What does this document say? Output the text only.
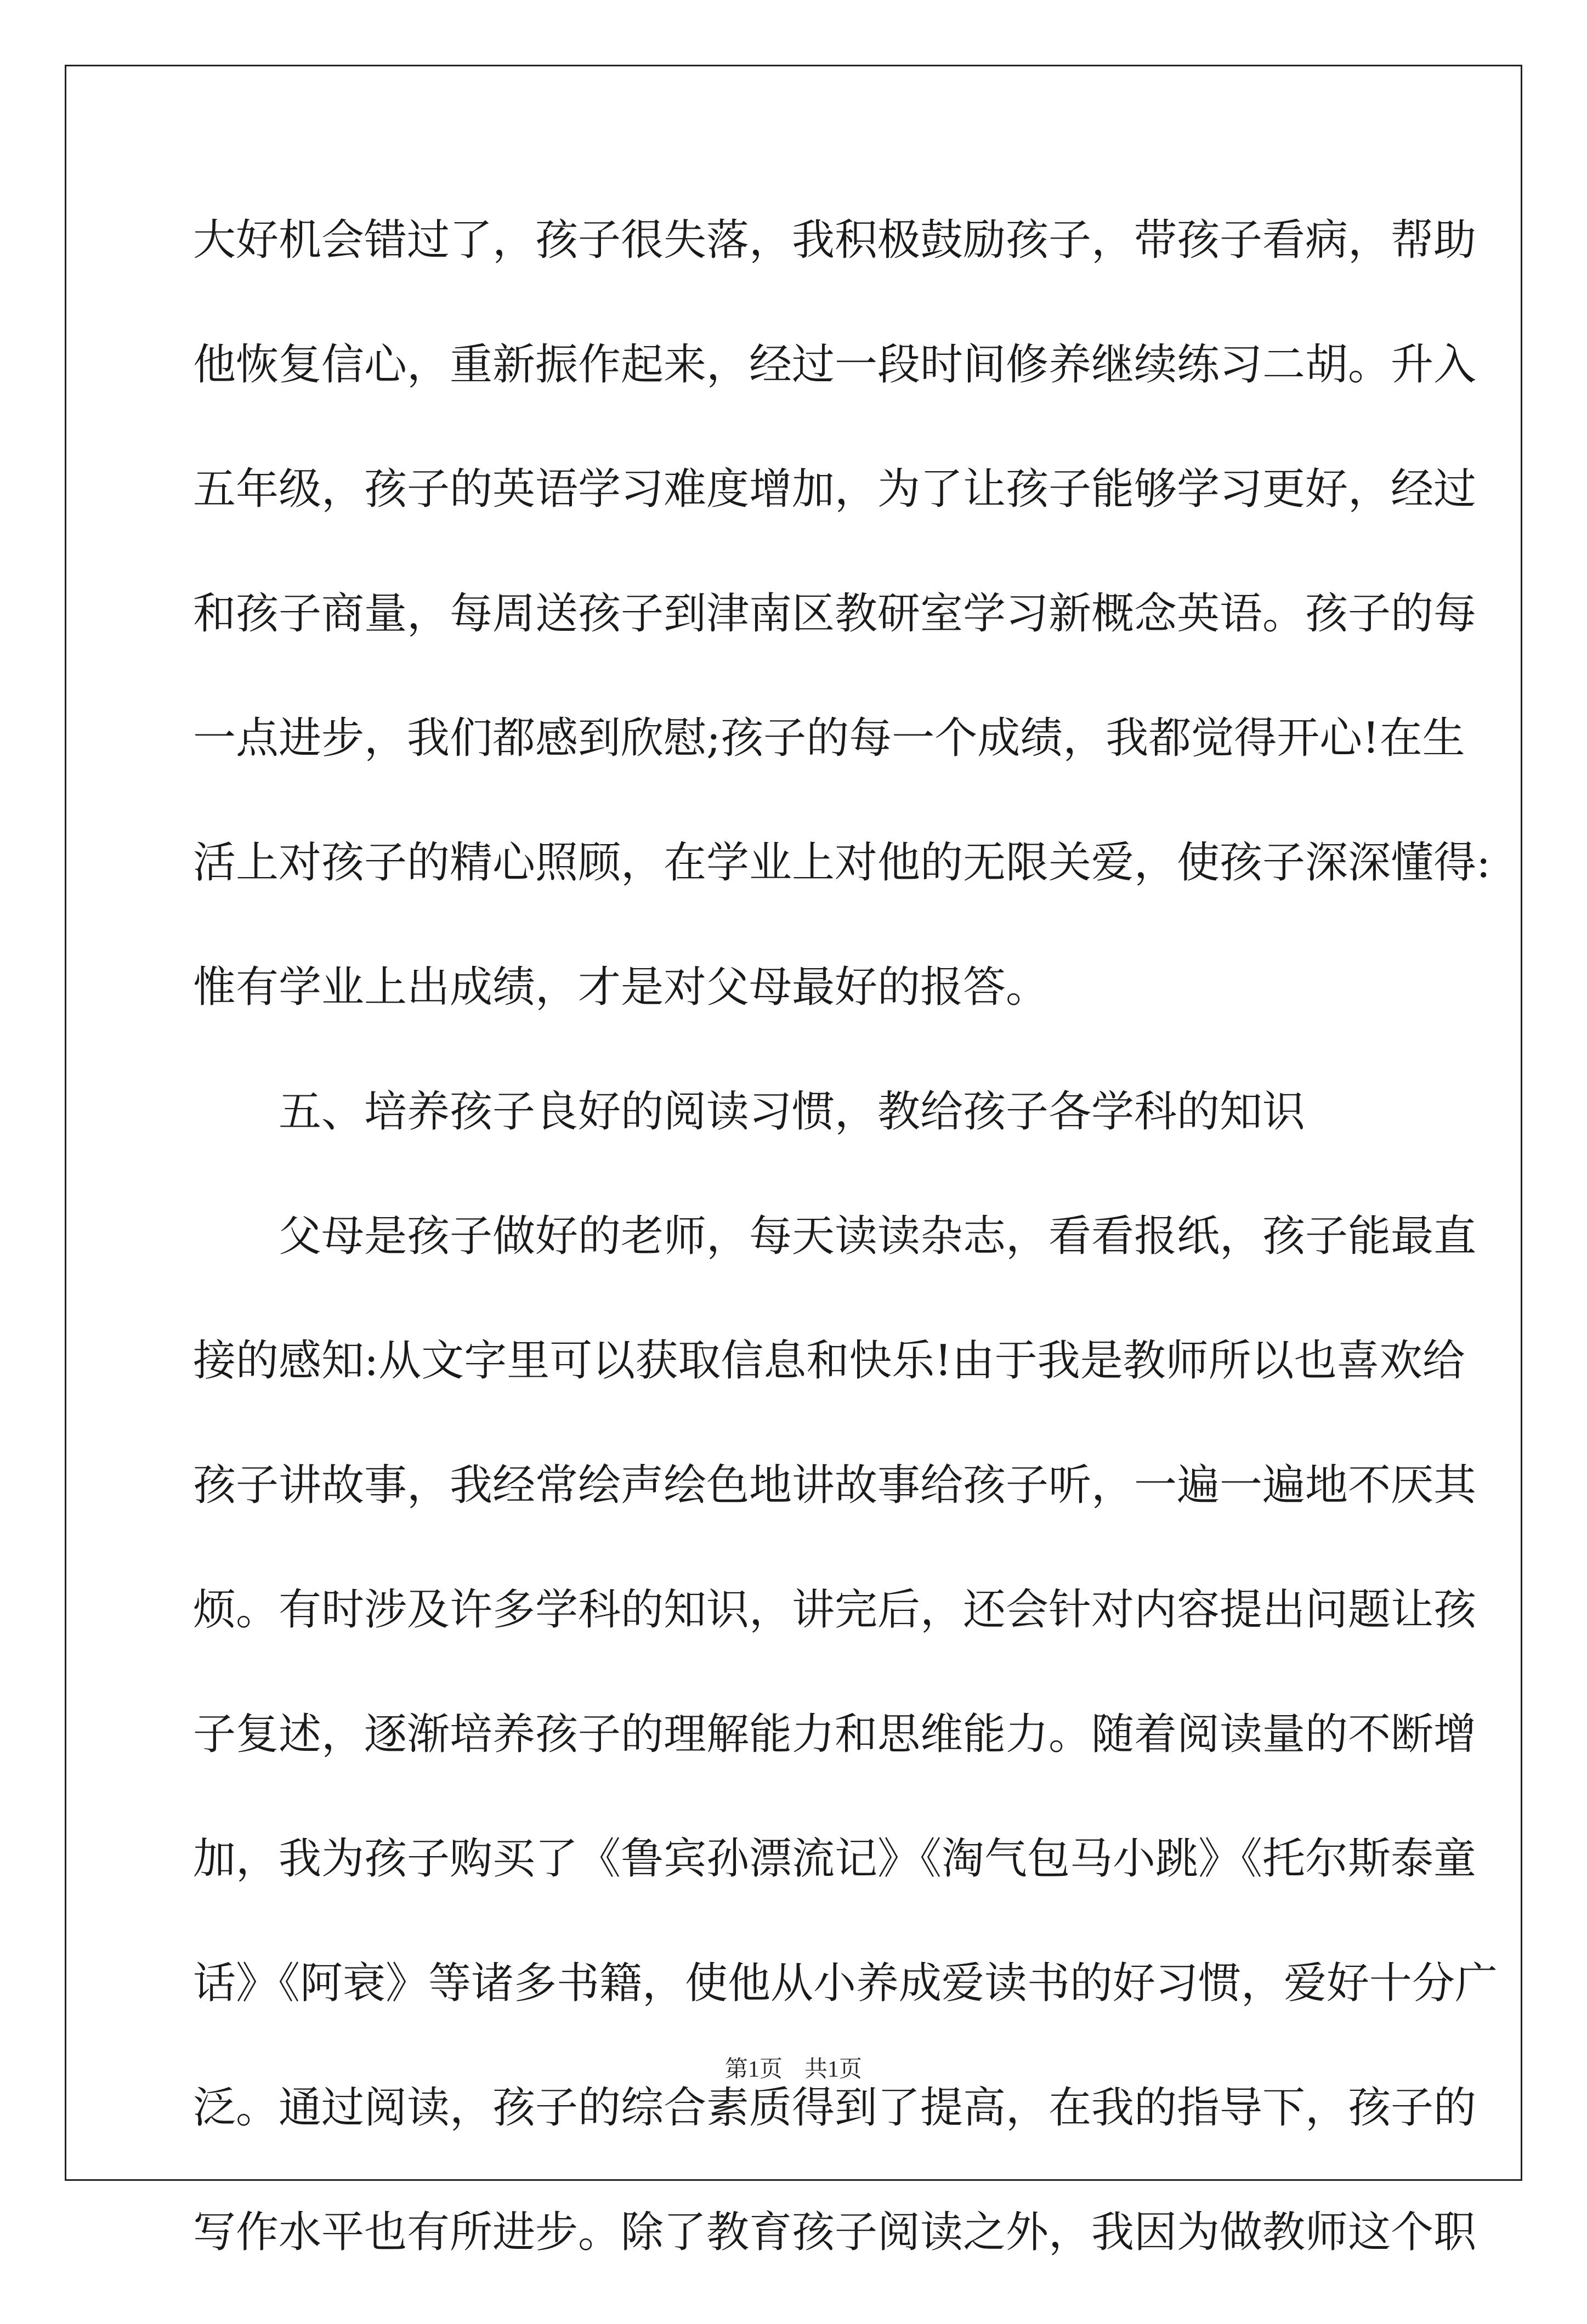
大好机会错过了，孩子很失落，我积极鼓励孩子，带孩子看病，帮助
他恢复信心，重新振作起来，经过一段时间修养继续练习二胡。升入
五年级，孩子的英语学习难度增加，为了让孩子能够学习更好，经过
和孩子商量，每周送孩子到津南区教研室学习新概念英语。孩子的每
一点进步，我们都感到欣慰;孩子的每一个成绩，我都觉得开心!在生
活上对孩子的精心照顾，在学业上对他的无限关爱，使孩子深深懂得:
惟有学业上出成绩，才是对父母最好的报答。
五、培养孩子良好的阅读习惯，教给孩子各学科的知识
父母是孩子做好的老师，每天读读杂志，看看报纸，孩子能最直
接的感知:从文字里可以获取信息和快乐!由于我是教师所以也喜欢给
孩子讲故事，我经常绘声绘色地讲故事给孩子听，一遍一遍地不厌其
烦。有时涉及许多学科的知识，讲完后，还会针对内容提出问题让孩
子复述，逐渐培养孩子的理解能力和思维能力。随着阅读量的不断增
加，我为孩子购买了《鲁宾孙漂流记》《淘气包马小跳》《托尔斯泰童
话》《阿衰》等诸多书籍，使他从小养成爱读书的好习惯，爱好十分广
泛。通过阅读，孩子的综合素质得到了提高，在我的指导下，孩子的
写作水平也有所进步。除了教育孩子阅读之外，我因为做教师这个职
第1页 共1页
